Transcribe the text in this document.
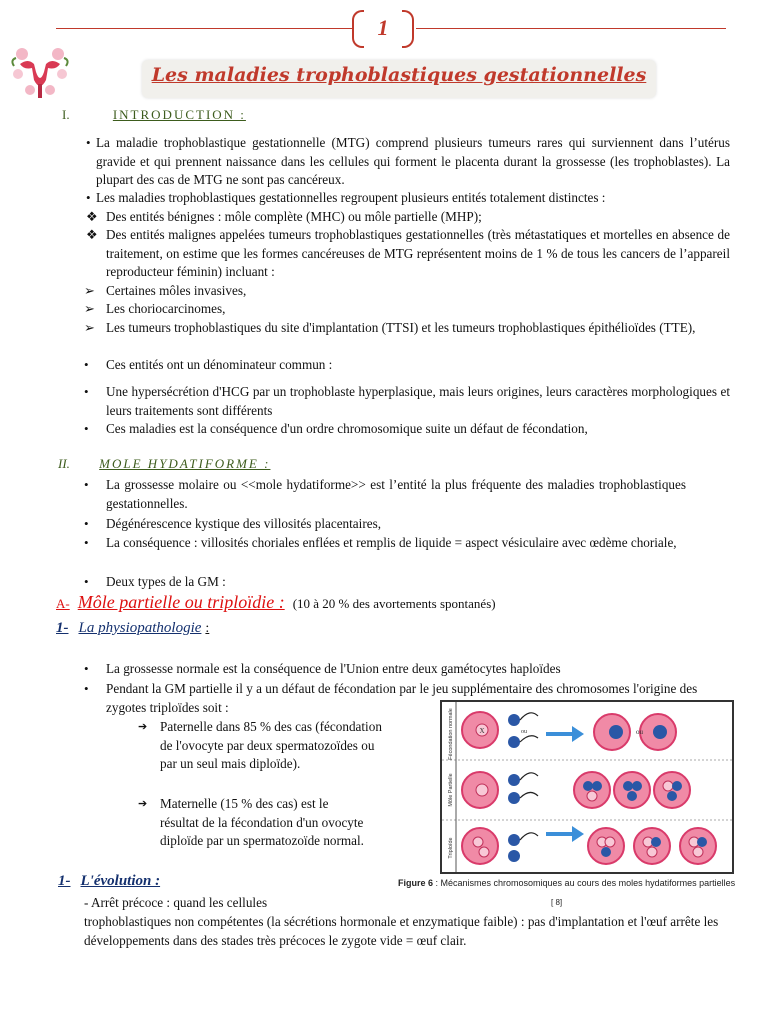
1
Les maladies trophoblastiques gestationnelles
I.	INTRODUCTION :
• La maladie trophoblastique gestationnelle (MTG) comprend plusieurs tumeurs rares qui surviennent dans l’utérus gravide et qui prennent naissance dans les cellules qui forment le placenta durant la grossesse (les trophoblastes). La plupart des cas de MTG ne sont pas cancéreux.
• Les maladies trophoblastiques gestationnelles regroupent plusieurs entités totalement distinctes :
❖ Des entités bénignes : môle complète (MHC) ou môle partielle (MHP);
❖ Des entités malignes appelées tumeurs trophoblastiques gestationnelles (très métastatiques et mortelles en absence de traitement, on estime que les formes cancéreuses de MTG représentent moins de 1 % de tous les cancers de l’appareil reproducteur féminin) incluant :
➢ Certaines môles invasives,
➢ Les choriocarcinomes,
➢ Les tumeurs trophoblastiques du site d'implantation (TTSI) et les tumeurs trophoblastiques épithélioïdes (TTE),
• Ces entités ont un dénominateur commun :
• Une hypersécrétion d'HCG par un trophoblaste hyperplasique, mais leurs origines, leurs caractères morphologiques et leurs traitements sont différents
• Ces maladies est la conséquence d'un ordre chromosomique suite un défaut de fécondation,
II. MOLE HYDATIFORME :
• La grossesse molaire ou <<mole hydatiforme>> est l’entité la plus fréquente des maladies trophoblastiques gestationnelles.
• Dégénérescence kystique des villosités placentaires,
• La conséquence : villosités choriales enflées et remplis de liquide = aspect vésiculaire avec œdème choriale,
• Deux types de la GM :
A- Môle partielle ou triploïdie : (10 à 20 % des avortements spontanés)
1- La physiopathologie :
• La grossesse normale est la conséquence de l'Union entre deux gamétocytes haploïdes
• Pendant la GM partielle il y a un défaut de fécondation par le jeu supplémentaire des chromosomes l'origine des zygotes triploïdes soit :
➔ Paternelle dans 85 % des cas (fécondation de l'ovocyte par deux spermatozoïdes ou par un seul mais diploïde).
➔ Maternelle (15 % des cas) est le résultat de la fécondation d'un ovocyte diploïde par un spermatozoïde normal.
Fécondation normale
Môle Partielle
Triploïde
X	ou	ou
Figure 6 : Mécanismes chromosomiques au cours des moles hydatiformes partielles
[ 8]
1- L'évolution :
- Arrêt précoce : quand les cellules
trophoblastiques non compétentes (la sécrétions hormonale et enzymatique faible) : pas d'implantation et l'œuf arrête les développements dans des stades très précoces le zygote vide = œuf clair.
